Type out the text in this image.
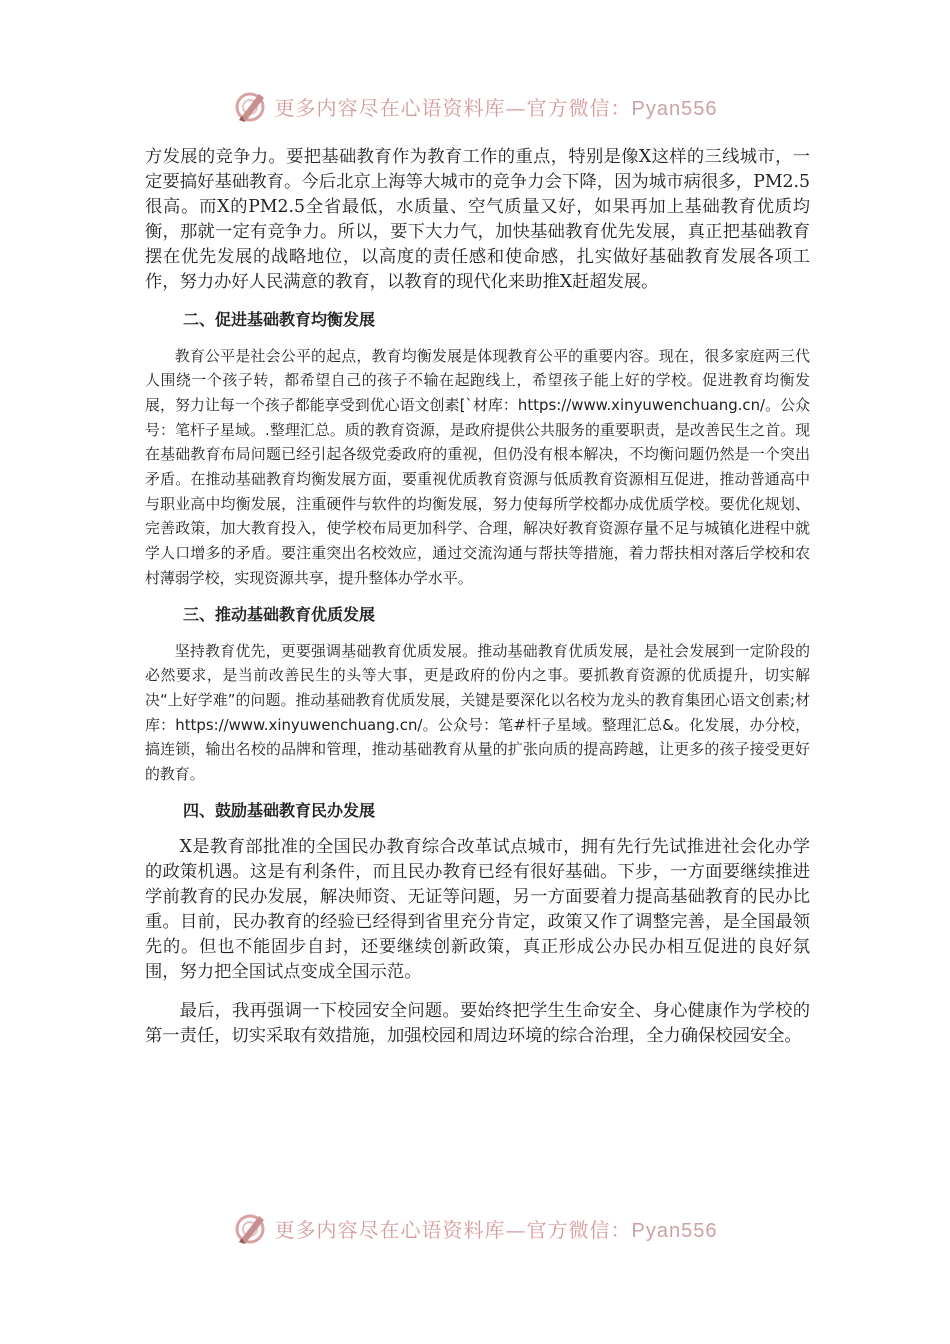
更多内容尽在心语资料库—官方微信：Pyan556

方发展的竞争力。要把基础教育作为教育工作的重点，特别是像X这样的三线城市，一定要搞好基础教育。今后北京上海等大城市的竞争力会下降，因为城市病很多，PM2.5很高。而X的PM2.5全省最低，水质量、空气质量又好，如果再加上基础教育优质均衡，那就一定有竞争力。所以，要下大力气，加快基础教育优先发展，真正把基础教育摆在优先发展的战略地位，以高度的责任感和使命感，扎实做好基础教育发展各项工作，努力办好人民满意的教育，以教育的现代化来助推X赶超发展。

二、促进基础教育均衡发展

教育公平是社会公平的起点，教育均衡发展是体现教育公平的重要内容。现在，很多家庭两三代人围绕一个孩子转，都希望自己的孩子不输在起跑线上，希望孩子能上好的学校。促进教育均衡发展，努力让每一个孩子都能享受到优心语文创素[`材库：https://www.xinyuwenchuang.cn/。公众号：笔杆子星域。.整理汇总。质的教育资源，是政府提供公共服务的重要职责，是改善民生之首。现在基础教育布局问题已经引起各级党委政府的重视，但仍没有根本解决，不均衡问题仍然是一个突出矛盾。在推动基础教育均衡发展方面，要重视优质教育资源与低质教育资源相互促进，推动普通高中与职业高中均衡发展，注重硬件与软件的均衡发展，努力使每所学校都办成优质学校。要优化规划、完善政策，加大教育投入，使学校布局更加科学、合理，解决好教育资源存量不足与城镇化进程中就学人口增多的矛盾。要注重突出名校效应，通过交流沟通与帮扶等措施，着力帮扶相对落后学校和农村薄弱学校，实现资源共享，提升整体办学水平。

三、推动基础教育优质发展

坚持教育优先，更要强调基础教育优质发展。推动基础教育优质发展，是社会发展到一定阶段的必然要求，是当前改善民生的头等大事，更是政府的份内之事。要抓教育资源的优质提升，切实解决“上好学难”的问题。推动基础教育优质发展，关键是要深化以名校为龙头的教育集团心语文创素;材库：https://www.xinyuwenchuang.cn/。公众号：笔#杆子星域。整理汇总&。化发展，办分校，搞连锁，输出名校的品牌和管理，推动基础教育从量的扩张向质的提高跨越，让更多的孩子接受更好的教育。

四、鼓励基础教育民办发展

X是教育部批准的全国民办教育综合改革试点城市，拥有先行先试推进社会化办学的政策机遇。这是有利条件，而且民办教育已经有很好基础。下步，一方面要继续推进学前教育的民办发展，解决师资、无证等问题，另一方面要着力提高基础教育的民办比重。目前，民办教育的经验已经得到省里充分肯定，政策又作了调整完善，是全国最领先的。但也不能固步自封，还要继续创新政策，真正形成公办民办相互促进的良好氛围，努力把全国试点变成全国示范。

最后，我再强调一下校园安全问题。要始终把学生生命安全、身心健康作为学校的第一责任，切实采取有效措施，加强校园和周边环境的综合治理，全力确保校园安全。

更多内容尽在心语资料库—官方微信：Pyan556
